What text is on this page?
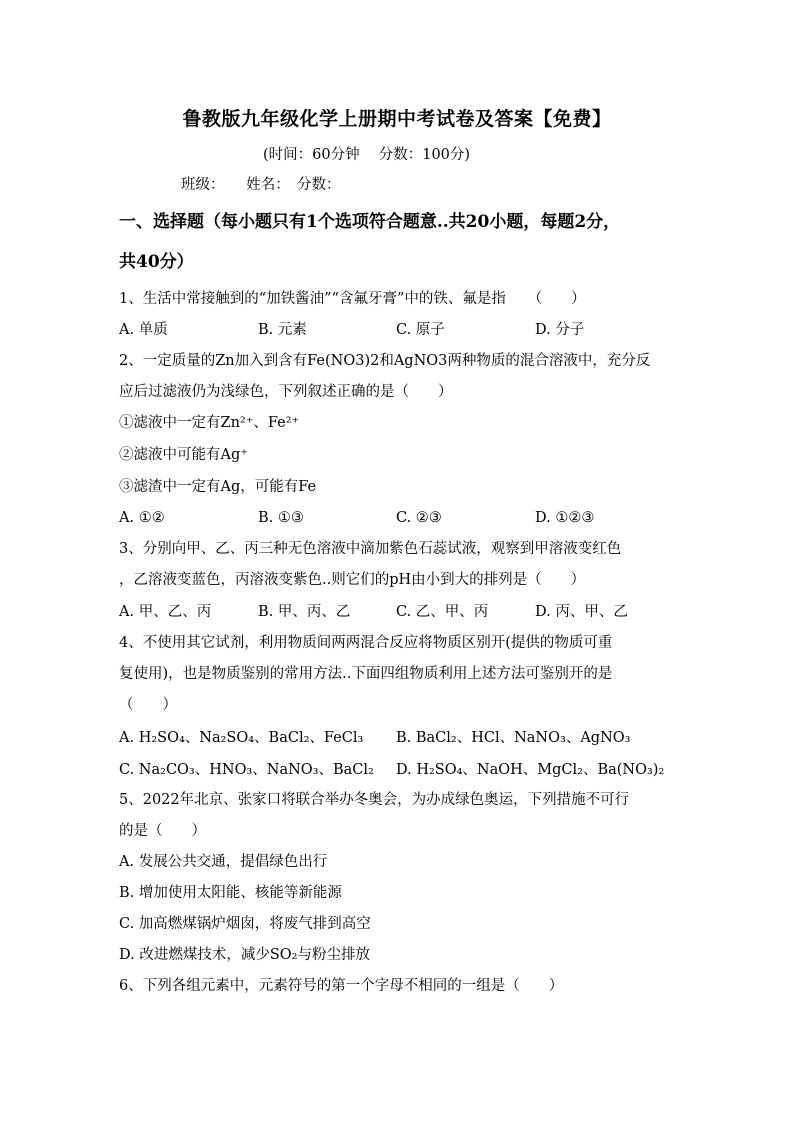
鲁教版九年级化学上册期中考试卷及答案【免费】
(时间：60分钟　 分数：100分)
班级：　　姓名：　分数：
一、选择题（每小题只有1个选项符合题意..共20小题，每题2分，
共40分）
1、生活中常接触到的“加铁酱油”“含氟牙膏”中的铁、氟是指　　（　　）
A. 单质	B. 元素	C. 原子	D. 分子
2、一定质量的Zn加入到含有Fe(NO3)2和AgNO3两种物质的混合溶液中，充分反
应后过滤液仍为浅绿色，下列叙述正确的是（　　）
①滤液中一定有Zn²⁺、Fe²⁺
②滤液中可能有Ag⁺
③滤渣中一定有Ag，可能有Fe
A. ①②	B. ①③	C. ②③	D. ①②③
3、分别向甲、乙、丙三种无色溶液中滴加紫色石蕊试液，观察到甲溶液变红色
，乙溶液变蓝色，丙溶液变紫色..则它们的pH由小到大的排列是（　　）
A. 甲、乙、丙	B. 甲、丙、乙	C. 乙、甲、丙	D. 丙、甲、乙
4、不使用其它试剂，利用物质间两两混合反应将物质区别开(提供的物质可重
复使用)，也是物质鉴别的常用方法..下面四组物质利用上述方法可鉴别开的是
（　　）
A. H₂SO₄、Na₂SO₄、BaCl₂、FeCl₃ B. BaCl₂、HCl、NaNO₃、AgNO₃
C. Na₂CO₃、HNO₃、NaNO₃、BaCl₂ D. H₂SO₄、NaOH、MgCl₂、Ba(NO₃)₂
5、2022年北京、张家口将联合举办冬奥会，为办成绿色奥运，下列措施不可行
的是（　　）
A. 发展公共交通，提倡绿色出行
B. 增加使用太阳能、核能等新能源
C. 加高燃煤锅炉烟囱，将废气排到高空
D. 改进燃煤技术，减少SO₂与粉尘排放
6、下列各组元素中，元素符号的第一个字母不相同的一组是（　　）
